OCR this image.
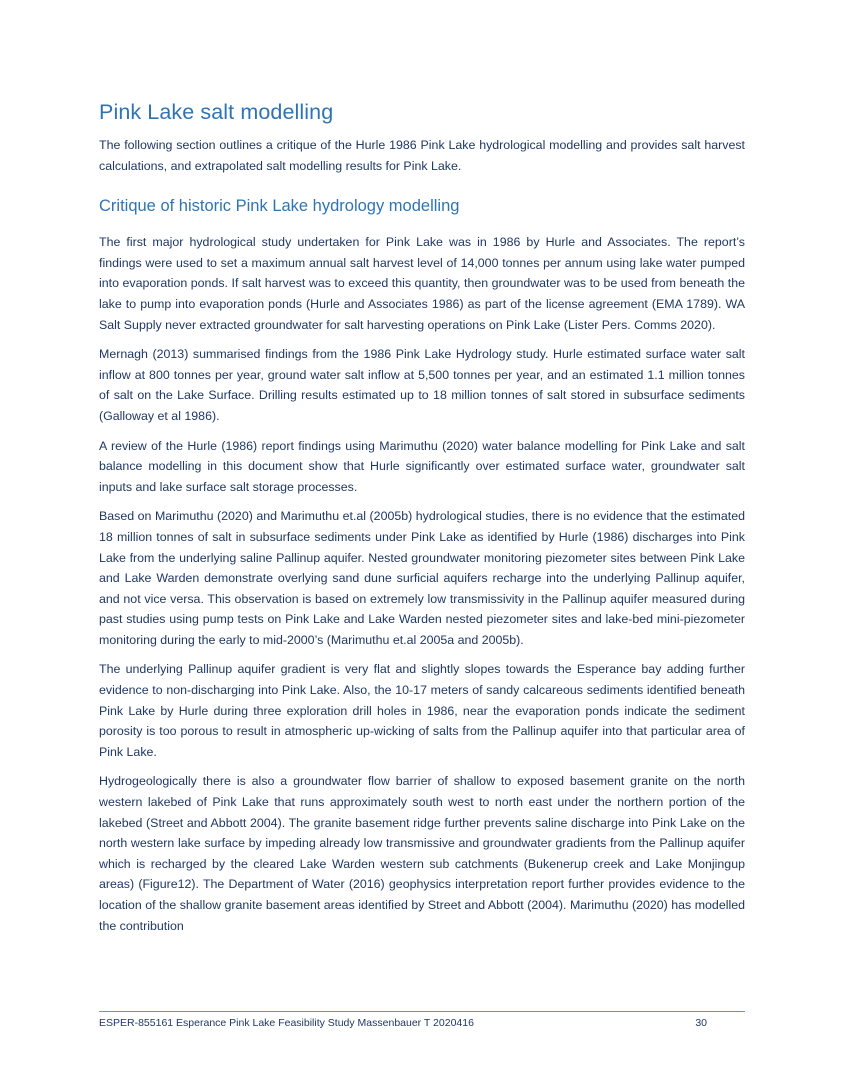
Pink Lake salt modelling

The following section outlines a critique of the Hurle 1986 Pink Lake hydrological modelling and provides salt harvest calculations, and extrapolated salt modelling results for Pink Lake.

Critique of historic Pink Lake hydrology modelling

The first major hydrological study undertaken for Pink Lake was in 1986 by Hurle and Associates. The report’s findings were used to set a maximum annual salt harvest level of 14,000 tonnes per annum using lake water pumped into evaporation ponds. If salt harvest was to exceed this quantity, then groundwater was to be used from beneath the lake to pump into evaporation ponds (Hurle and Associates 1986) as part of the license agreement (EMA 1789). WA Salt Supply never extracted groundwater for salt harvesting operations on Pink Lake (Lister Pers. Comms 2020).

Mernagh (2013) summarised findings from the 1986 Pink Lake Hydrology study. Hurle estimated surface water salt inflow at 800 tonnes per year, ground water salt inflow at 5,500 tonnes per year, and an estimated 1.1 million tonnes of salt on the Lake Surface. Drilling results estimated up to 18 million tonnes of salt stored in subsurface sediments (Galloway et al 1986).

A review of the Hurle (1986) report findings using Marimuthu (2020) water balance modelling for Pink Lake and salt balance modelling in this document show that Hurle significantly over estimated surface water, groundwater salt inputs and lake surface salt storage processes.

Based on Marimuthu (2020) and Marimuthu et.al (2005b) hydrological studies, there is no evidence that the estimated 18 million tonnes of salt in subsurface sediments under Pink Lake as identified by Hurle (1986) discharges into Pink Lake from the underlying saline Pallinup aquifer. Nested groundwater monitoring piezometer sites between Pink Lake and Lake Warden demonstrate overlying sand dune surficial aquifers recharge into the underlying Pallinup aquifer, and not vice versa. This observation is based on extremely low transmissivity in the Pallinup aquifer measured during past studies using pump tests on Pink Lake and Lake Warden nested piezometer sites and lake-bed mini-piezometer monitoring during the early to mid-2000’s (Marimuthu et.al 2005a and 2005b).

The underlying Pallinup aquifer gradient is very flat and slightly slopes towards the Esperance bay adding further evidence to non-discharging into Pink Lake. Also, the 10-17 meters of sandy calcareous sediments identified beneath Pink Lake by Hurle during three exploration drill holes in 1986, near the evaporation ponds indicate the sediment porosity is too porous to result in atmospheric up-wicking of salts from the Pallinup aquifer into that particular area of Pink Lake.

Hydrogeologically there is also a groundwater flow barrier of shallow to exposed basement granite on the north western lakebed of Pink Lake that runs approximately south west to north east under the northern portion of the lakebed (Street and Abbott 2004). The granite basement ridge further prevents saline discharge into Pink Lake on the north western lake surface by impeding already low transmissive and groundwater gradients from the Pallinup aquifer which is recharged by the cleared Lake Warden western sub catchments (Bukenerup creek and Lake Monjingup areas) (Figure12). The Department of Water (2016) geophysics interpretation report further provides evidence to the location of the shallow granite basement areas identified by Street and Abbott (2004). Marimuthu (2020) has modelled the contribution

ESPER-855161 Esperance Pink Lake Feasibility Study Massenbauer T 2020416	30
